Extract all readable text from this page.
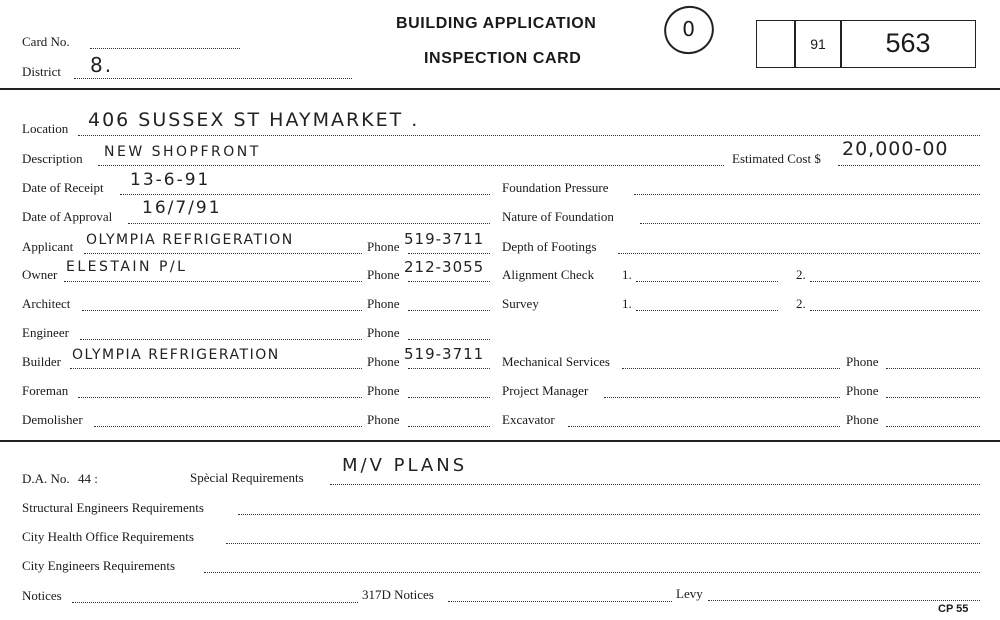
Card No.
District 8.
BUILDING APPLICATION
INSPECTION CARD
0
91	563
Location 406 SUSSEX ST HAYMARKET .
Description NEW SHOPFRONT	Estimated Cost $ 20,000-00
Date of Receipt 13-6-91
Date of Approval 16/7/91
Applicant OLYMPIA REFRIGERATION	Phone 519-3711
Owner ELESTAIN P/L	Phone 212-3055
Architect	Phone
Engineer	Phone
Builder OLYMPIA REFRIGERATION	Phone 519-3711
Foreman	Phone
Demolisher	Phone
Foundation Pressure
Nature of Foundation
Depth of Footings
Alignment Check 1.	2.
Survey	1.	2.
Mechanical Services	Phone
Project Manager	Phone
Excavator	Phone
D.A. No. 44 :	Spècial Requirements
M/V PLANS
Structural Engineers Requirements
City Health Office Requirements
City Engineers Requirements
Notices	317D Notices	Levy
CP 55
